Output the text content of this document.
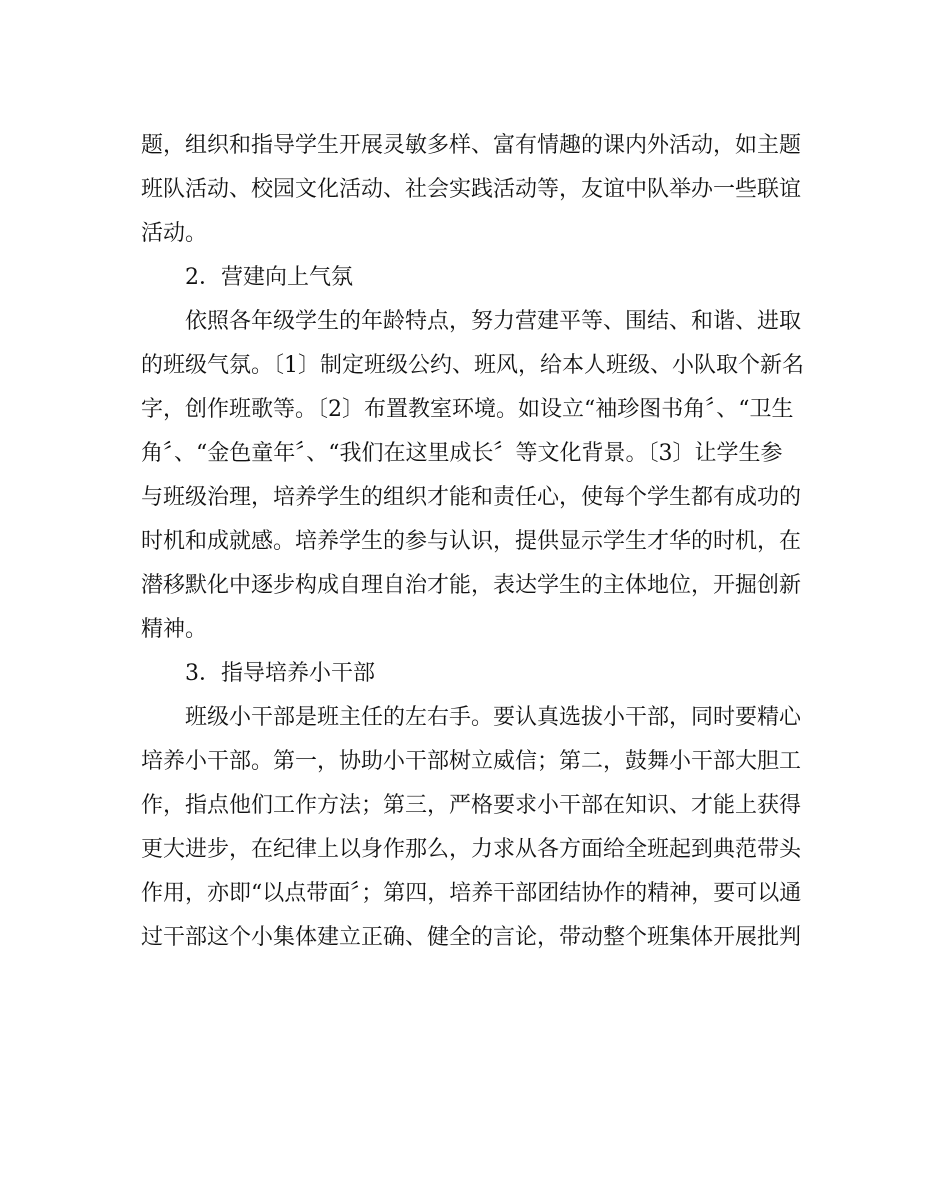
题，组织和指导学生开展灵敏多样、富有情趣的课内外活动，如主题
班队活动、校园文化活动、社会实践活动等，友谊中队举办一些联谊
活动。
2．营建向上气氛
依照各年级学生的年龄特点，努力营建平等、围结、和谐、进取
的班级气氛。〔1〕制定班级公约、班风，给本人班级、小队取个新名
字，创作班歌等。〔2〕布置教室环境。如设立“袖珍图书角〞、“卫生
角〞、“金色童年〞、“我们在这里成长〞等文化背景。〔3〕让学生参
与班级治理，培养学生的组织才能和责任心，使每个学生都有成功的
时机和成就感。培养学生的参与认识，提供显示学生才华的时机，在
潜移默化中逐步构成自理自治才能，表达学生的主体地位，开掘创新
精神。
3．指导培养小干部
班级小干部是班主任的左右手。要认真选拔小干部，同时要精心
培养小干部。第一，协助小干部树立威信；第二，鼓舞小干部大胆工
作，指点他们工作方法；第三，严格要求小干部在知识、才能上获得
更大进步，在纪律上以身作那么，力求从各方面给全班起到典范带头
作用，亦即“以点带面〞；第四，培养干部团结协作的精神，要可以通
过干部这个小集体建立正确、健全的言论，带动整个班集体开展批判
